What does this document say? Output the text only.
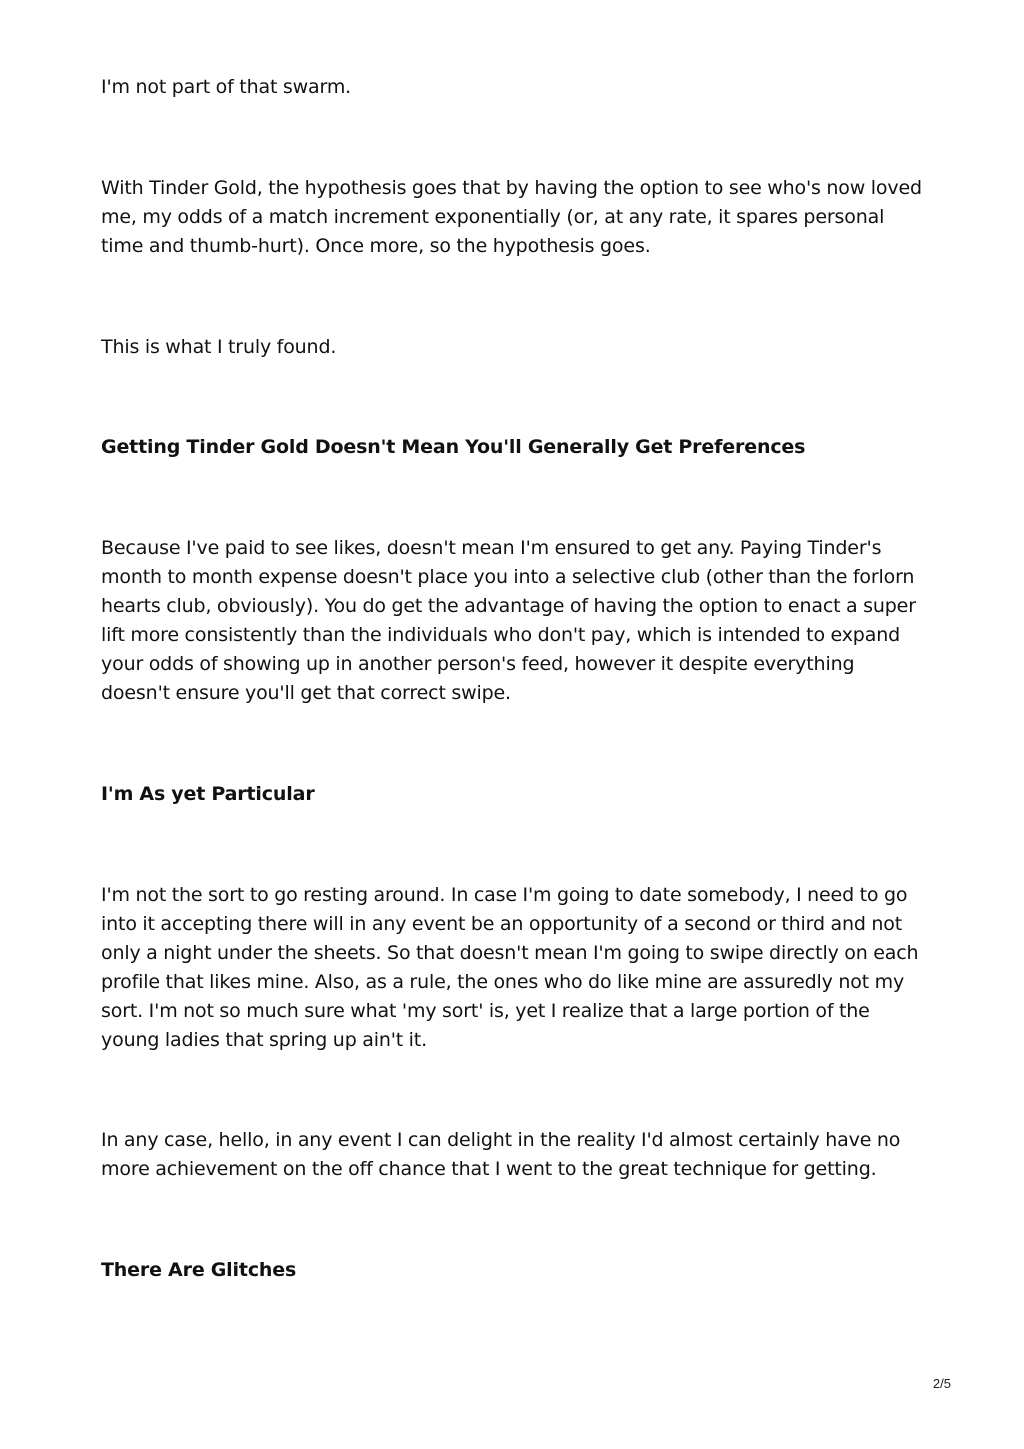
I'm not part of that swarm.

With Tinder Gold, the hypothesis goes that by having the option to see who's now loved me, my odds of a match increment exponentially (or, at any rate, it spares personal time and thumb-hurt). Once more, so the hypothesis goes.

This is what I truly found.

Getting Tinder Gold Doesn't Mean You'll Generally Get Preferences

Because I've paid to see likes, doesn't mean I'm ensured to get any. Paying Tinder's month to month expense doesn't place you into a selective club (other than the forlorn hearts club, obviously). You do get the advantage of having the option to enact a super lift more consistently than the individuals who don't pay, which is intended to expand your odds of showing up in another person's feed, however it despite everything doesn't ensure you'll get that correct swipe.

I'm As yet Particular

I'm not the sort to go resting around. In case I'm going to date somebody, I need to go into it accepting there will in any event be an opportunity of a second or third and not only a night under the sheets. So that doesn't mean I'm going to swipe directly on each profile that likes mine. Also, as a rule, the ones who do like mine are assuredly not my sort. I'm not so much sure what 'my sort' is, yet I realize that a large portion of the young ladies that spring up ain't it.

In any case, hello, in any event I can delight in the reality I'd almost certainly have no more achievement on the off chance that I went to the great technique for getting.

There Are Glitches

2/5
